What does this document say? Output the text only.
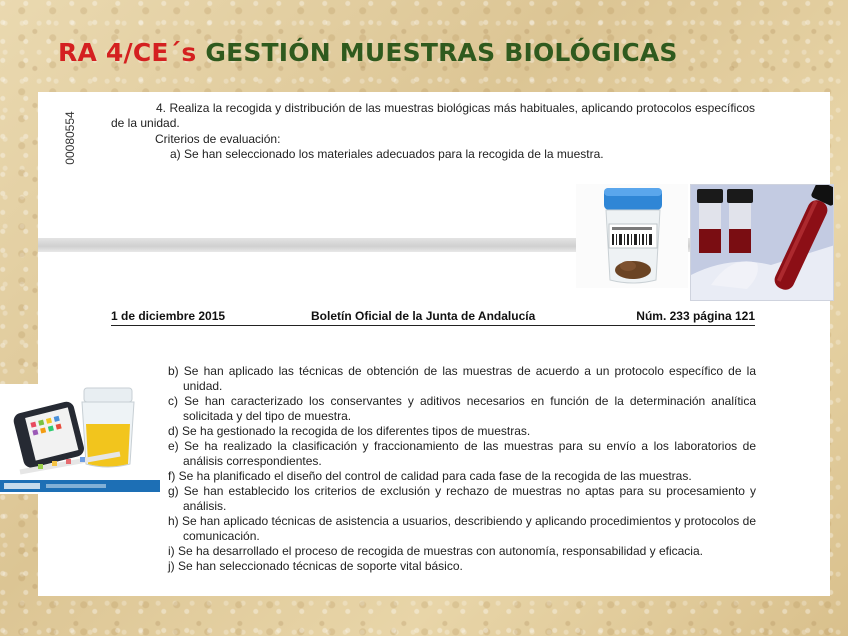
RA 4/CE´s GESTIÓN MUESTRAS BIOLÓGICAS
00080554
4. Realiza la recogida y distribución de las muestras biológicas más habituales, aplicando protocolos específicos de la unidad.
Criterios de evaluación:
a) Se han seleccionado los materiales adecuados para la recogida de la muestra.
1 de diciembre 2015	Boletín Oficial de la Junta de Andalucía	Núm. 233 página 121
b) Se han aplicado las técnicas de obtención de las muestras de acuerdo a un protocolo específico de la unidad.
c) Se han caracterizado los conservantes y aditivos necesarios en función de la determinación analítica solicitada y del tipo de muestra.
d) Se ha gestionado la recogida de los diferentes tipos de muestras.
e) Se ha realizado la clasificación y fraccionamiento de las muestras para su envío a los laboratorios de análisis correspondientes.
f) Se ha planificado el diseño del control de calidad para cada fase de la recogida de las muestras.
g) Se han establecido los criterios de exclusión y rechazo de muestras no aptas para su procesamiento y análisis.
h) Se han aplicado técnicas de asistencia a usuarios, describiendo y aplicando procedimientos y protocolos de comunicación.
i) Se ha desarrollado el proceso de recogida de muestras con autonomía, responsabilidad y eficacia.
j) Se han seleccionado técnicas de soporte vital básico.
